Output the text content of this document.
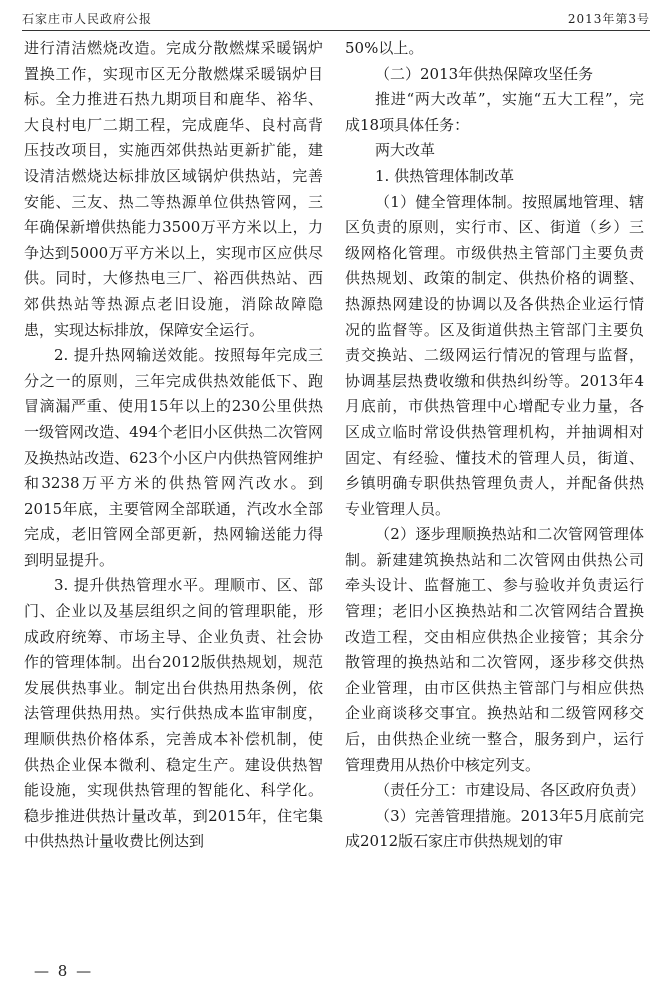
石家庄市人民政府公报	2013年第3号

进行清洁燃烧改造。完成分散燃煤采暖锅炉置换工作，实现市区无分散燃煤采暖锅炉目标。全力推进石热九期项目和鹿华、裕华、大良村电厂二期工程，完成鹿华、良村高背压技改项目，实施西郊供热站更新扩能，建设清洁燃烧达标排放区域锅炉供热站，完善安能、三友、热二等热源单位供热管网，三年确保新增供热能力3500万平方米以上，力争达到5000万平方米以上，实现市区应供尽供。同时，大修热电三厂、裕西供热站、西郊供热站等热源点老旧设施，消除故障隐患，实现达标排放，保障安全运行。

2. 提升热网输送效能。按照每年完成三分之一的原则，三年完成供热效能低下、跑冒滴漏严重、使用15年以上的230公里供热一级管网改造、494个老旧小区供热二次管网及换热站改造、623个小区户内供热管网维护和3238万平方米的供热管网汽改水。到2015年底，主要管网全部联通，汽改水全部完成，老旧管网全部更新，热网输送能力得到明显提升。

3. 提升供热管理水平。理顺市、区、部门、企业以及基层组织之间的管理职能，形成政府统筹、市场主导、企业负责、社会协作的管理体制。出台2012版供热规划，规范发展供热事业。制定出台供热用热条例，依法管理供热用热。实行供热成本监审制度，理顺供热价格体系，完善成本补偿机制，使供热企业保本微利、稳定生产。建设供热智能设施，实现供热管理的智能化、科学化。稳步推进供热计量改革，到2015年，住宅集中供热热计量收费比例达到

50%以上。

（二）2013年供热保障攻坚任务

推进“两大改革”，实施“五大工程”，完成18项具体任务：

两大改革

1. 供热管理体制改革

（1）健全管理体制。按照属地管理、辖区负责的原则，实行市、区、街道（乡）三级网格化管理。市级供热主管部门主要负责供热规划、政策的制定、供热价格的调整、热源热网建设的协调以及各供热企业运行情况的监督等。区及街道供热主管部门主要负责交换站、二级网运行情况的管理与监督，协调基层热费收缴和供热纠纷等。2013年4月底前，市供热管理中心增配专业力量，各区成立临时常设供热管理机构，并抽调相对固定、有经验、懂技术的管理人员，街道、乡镇明确专职供热管理负责人，并配备供热专业管理人员。

（2）逐步理顺换热站和二次管网管理体制。新建建筑换热站和二次管网由供热公司牵头设计、监督施工、参与验收并负责运行管理；老旧小区换热站和二次管网结合置换改造工程，交由相应供热企业接管；其余分散管理的换热站和二次管网，逐步移交供热企业管理，由市区供热主管部门与相应供热企业商谈移交事宜。换热站和二级管网移交后，由供热企业统一整合，服务到户，运行管理费用从热价中核定列支。

（责任分工：市建设局、各区政府负责）

（3）完善管理措施。2013年5月底前完成2012版石家庄市供热规划的审

— 8 —
